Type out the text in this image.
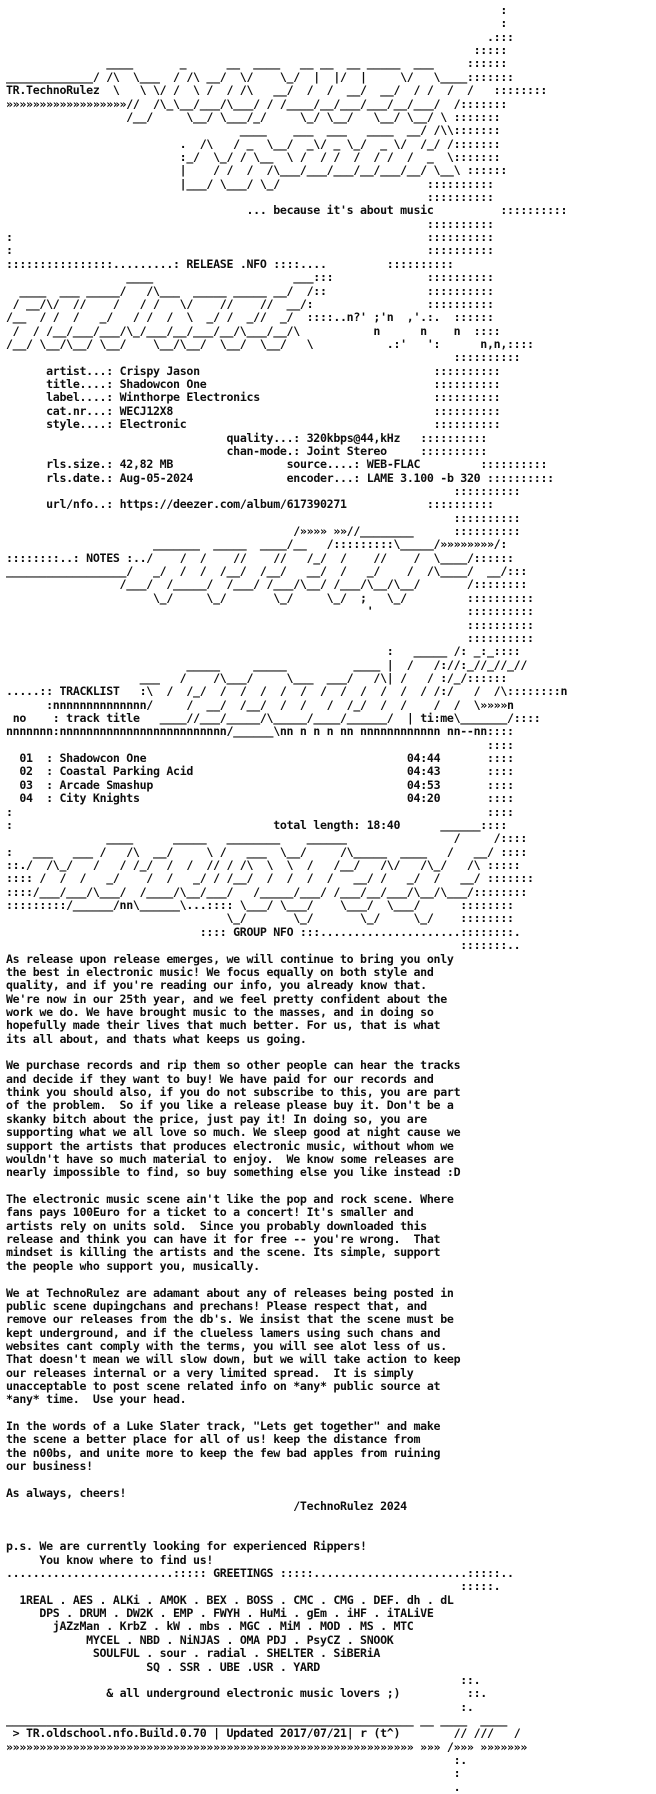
:
:
.:::
:::::
____       _      __  ____   __ __  __ _____  ___     ::::::
_____________/ /\  \___  / /\ __/  \/    \_/  |  |/  |     \/   \____:::::::
TR.TechnoRulez  \   \ \/ /  \ /  / /\   __/  /  /  __/  __/  / /  /  /   ::::::::
»»»»»»»»»»»»»»»»»»//  /\_\__/___/\___/ / /____/__/___/___/__/___/  /:::::::
/__/     \__/ \___/_/     \_/ \__/   \__/ \__/ \ :::::::
____    ___  ___   ____  __/ /\\:::::::
.  /\   / _  \__/  _\/ _ \_/  _ \/  /_/ /:::::::
:_/  \_/ / \__  \ /  / /  /  / /  /  _  \:::::::
|    / /  /  /\___/___/___/__/___/__/ \__\ ::::::
|___/ \___/ \_/                      ::::::::::
::::::::::
... because it's about music	::::::::::
::::::::::
:                                                              ::::::::::
:                                                              ::::::::::
::::::::::::::::.........: RELEASE .NFO ::::....         ::::::::::
____                     ___:::              ::::::::::
____  ___ _____/   /\___  _____ _____ __/  /::               ::::::::::
/ __/\/  //    /   / /   \/    //    //  __/:                 ::::::::::
/__  / /  /   _/   / /  /  \  _/ /  _//  _/  ::::..n?' ;'n  ,'.:.  ::::::
/  / /__/___/___/\_/___/__/___/__/\___/__/\           n      n    n  ::::
/__/ \__/\__/ \__/    \__/\__/  \__/  \__/   \           .:'   ':      n,n,::::
::::::::::
artist...: Crispy Jason	::::::::::
title....: Shadowcon One	::::::::::
label....: Winthorpe Electronics	::::::::::
cat.nr...: WECJ12X8	::::::::::
style....: Electronic	::::::::::
quality...: 320kbps@44,kHz   ::::::::::
chan-mode.: Joint Stereo	::::::::::
rls.size.: 42,82 MB	source....: WEB-FLAC	::::::::::
rls.date.: Aug-05-2024	encoder...: LAME 3.100 -b 320 ::::::::::
::::::::::
url/nfo..: https://deezer.com/album/617390271	::::::::::
::::::::::
/»»»» »»//________      ::::::::::
_______  _____  ____/__   /:::::::::\_____/»»»»»»»»/:
::::::::..: NOTES :../    /  /    //    //   /_/  /    //    /  \____/::::::
__________________/   _/  /  /  /__/  /__/   __/  /   _/    /  /\____/  __/:::
/___/  /_____/  /___/ /___/\__/ /___/\__/\__/       /::::::::
\_/     \_/       \_/     \_/  ;   \_/         ::::::::::
'              ::::::::::
::::::::::
::::::::::
:   _____ /: _:_::::
_____     _____          ____ |  /   /://:_//_//_//
___   /    /\___/     \___  ___/   /\| /   / :/_/::::::
.....:: TRACKLIST   :\  /  /_/  /  /  /  /  /  /  /  /  /  /  / /:/   /  /\::::::::n
:nnnnnnnnnnnnnn/     /  __/  /__/  /  /   /  /_/  /  /    /  /  \»»»»n
no    : track title   ____//___/_____/\_____/____/______/  | ti:me\_______/::::
nnnnnnn:nnnnnnnnnnnnnnnnnnnnnnnnn/______\nn n n n nn nnnnnnnnnnnn nn--nn::::
::::
01  : Shadowcon One	04:44	::::
02  : Coastal Parking Acid	04:43	::::
03  : Arcade Smashup	04:53	::::
04  : City Knights	04:20	::::
:                                                                       ::::
:	total length: 18:40	______::::
____      _____   ________    ______                /     /::::
:   ___   ___ /   /\  __/     \ /   ___  \__/     /\_____  ____   /   __/ ::::
::./  /\_/   /   / /_/  /  /  // / /\  \  \  /   /__/   /\/   /\_/   /\ :::::
:::: /  /  /   _/    /  /   _/ / /__/  /  /  /  /   __/ /   _/  /   __/ :::::::
::::/___/___/\___/  /____/\__/___/   /_____/___/ /___/__/___/\__/\___/::::::::
:::::::::/______/nn\______\...:::: \___/ \___/    \___/  \___/      ::::::::
\_/       \_/       \_/     \_/    ::::::::
:::: GROUP NFO :::.....................::::::::.
:::::::..
As release upon release emerges, we will continue to bring you only
the best in electronic music! We focus equally on both style and
quality, and if you're reading our info, you already know that.
We're now in our 25th year, and we feel pretty confident about the
work we do. We have brought music to the masses, and in doing so
hopefully made their lives that much better. For us, that is what
its all about, and thats what keeps us going.

We purchase records and rip them so other people can hear the tracks
and decide if they want to buy! We have paid for our records and
think you should also, if you do not subscribe to this, you are part
of the problem.  So if you like a release please buy it. Don't be a
skanky bitch about the price, just pay it! In doing so, you are
supporting what we all love so much. We sleep good at night cause we
support the artists that produces electronic music, without whom we
wouldn't have so much material to enjoy.  We know some releases are
nearly impossible to find, so buy something else you like instead :D

The electronic music scene ain't like the pop and rock scene. Where
fans pays 100Euro for a ticket to a concert! It's smaller and
artists rely on units sold.  Since you probably downloaded this
release and think you can have it for free -- you're wrong.  That
mindset is killing the artists and the scene. Its simple, support
the people who support you, musically.

We at TechnoRulez are adamant about any of releases being posted in
public scene dupingchans and prechans! Please respect that, and
remove our releases from the db's. We insist that the scene must be
kept underground, and if the clueless lamers using such chans and
websites cant comply with the terms, you will see alot less of us.
That doesn't mean we will slow down, but we will take action to keep
our releases internal or a very limited spread.  It is simply
unacceptable to post scene related info on *any* public source at
*any* time.  Use your head.

In the words of a Luke Slater track, "Lets get together" and make
the scene a better place for all of us! keep the distance from
the n00bs, and unite more to keep the few bad apples from ruining
our business!

As always, cheers!
/TechnoRulez 2024

p.s. We are currently looking for experienced Rippers!
You know where to find us!
.........................::::: GREETINGS :::::.......................:::::..
:::::.
1REAL . AES . ALKi . AMOK . BEX . BOSS . CMC . CMG . DEF. dh . dL
DPS . DRUM . DW2K . EMP . FWYH . HuMi . gEm . iHF . iTALiVE
jAZzMan . KrbZ . kW . mbs . MGC . MiM . MOD . MS . MTC
MYCEL . NBD . NiNJAS . OMA PDJ . PsyCZ . SNOOK
SOULFUL . sour . radial . SHELTER . SiBERiA
SQ . SSR . UBE .USR . YARD
::.
& all underground electronic music lovers ;)	::.
:.
_____________________________________________________________ __ ____  ____
> TR.oldschool.nfo.Build.0.70 | Updated 2017/07/21| r (t^)        // ///   /
»»»»»»»»»»»»»»»»»»»»»»»»»»»»»»»»»»»»»»»»»»»»»»»»»»»»»»»»»»»»» »»» /»»» »»»»»»»
:.
:
.
